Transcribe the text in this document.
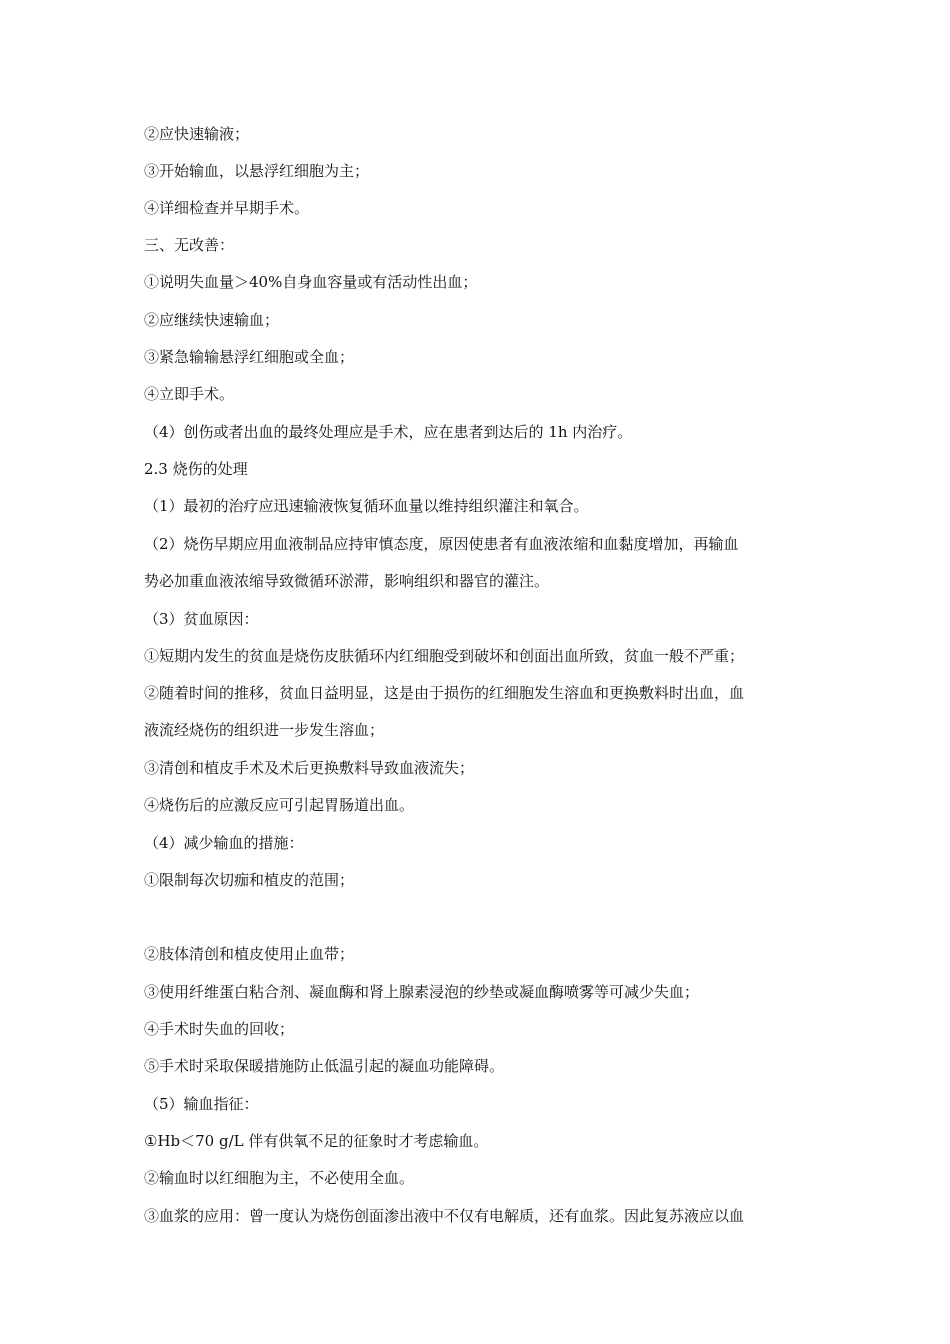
②应快速输液；
③开始输血，以悬浮红细胞为主；
④详细检查并早期手术。
三、无改善：
①说明失血量＞40%自身血容量或有活动性出血；
②应继续快速输血；
③紧急输输悬浮红细胞或全血；
④立即手术。
（4）创伤或者出血的最终处理应是手术，应在患者到达后的 1h 内治疗。
2.3 烧伤的处理
（1）最初的治疗应迅速输液恢复循环血量以维持组织灌注和氧合。
（2）烧伤早期应用血液制品应持审慎态度，原因使患者有血液浓缩和血黏度增加，再输血
势必加重血液浓缩导致微循环淤滞，影响组织和器官的灌注。
（3）贫血原因：
①短期内发生的贫血是烧伤皮肤循环内红细胞受到破坏和创面出血所致，贫血一般不严重；
②随着时间的推移，贫血日益明显，这是由于损伤的红细胞发生溶血和更换敷料时出血，血
液流经烧伤的组织进一步发生溶血；
③清创和植皮手术及术后更换敷料导致血液流失；
④烧伤后的应激反应可引起胃肠道出血。
（4）减少输血的措施：
①限制每次切痂和植皮的范围；
②肢体清创和植皮使用止血带；
③使用纤维蛋白粘合剂、凝血酶和肾上腺素浸泡的纱垫或凝血酶喷雾等可减少失血；
④手术时失血的回收；
⑤手术时采取保暖措施防止低温引起的凝血功能障碍。
（5）输血指征：
①Hb＜70 g/L 伴有供氧不足的征象时才考虑输血。
②输血时以红细胞为主，不必使用全血。
③血浆的应用：曾一度认为烧伤创面渗出液中不仅有电解质，还有血浆。因此复苏液应以血
